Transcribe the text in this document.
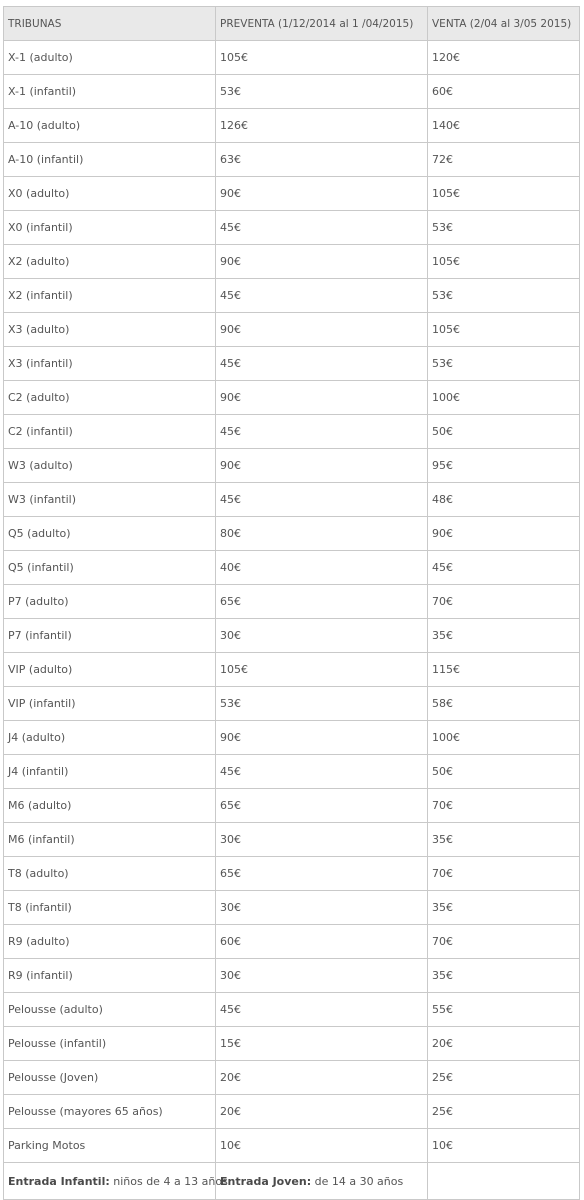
TRIBUNAS	PREVENTA (1/12/2014 al 1 /04/2015)	VENTA (2/04 al 3/05 2015)
X-1 (adulto)	105€	120€
X-1 (infantil)	53€	60€
A-10 (adulto)	126€	140€
A-10 (infantil)	63€	72€
X0 (adulto)	90€	105€
X0 (infantil)	45€	53€
X2 (adulto)	90€	105€
X2 (infantil)	45€	53€
X3 (adulto)	90€	105€
X3 (infantil)	45€	53€
C2 (adulto)	90€	100€
C2 (infantil)	45€	50€
W3 (adulto)	90€	95€
W3 (infantil)	45€	48€
Q5 (adulto)	80€	90€
Q5 (infantil)	40€	45€
P7 (adulto)	65€	70€
P7 (infantil)	30€	35€
VIP (adulto)	105€	115€
VIP (infantil)	53€	58€
J4 (adulto)	90€	100€
J4 (infantil)	45€	50€
M6 (adulto)	65€	70€
M6 (infantil)	30€	35€
T8 (adulto)	65€	70€
T8 (infantil)	30€	35€
R9 (adulto)	60€	70€
R9 (infantil)	30€	35€
Pelousse (adulto)	45€	55€
Pelousse (infantil)	15€	20€
Pelousse (Joven)	20€	25€
Pelousse (mayores 65 años)	20€	25€
Parking Motos	10€	10€
Entrada Infantil: niños de 4 a 13 años	Entrada Joven: de 14 a 30 años	
